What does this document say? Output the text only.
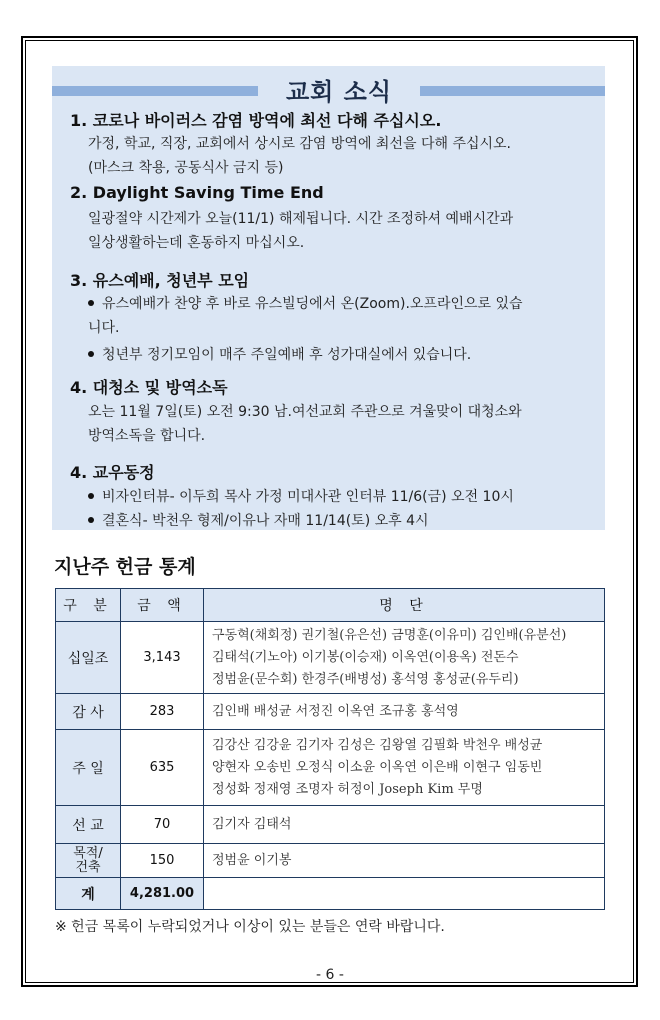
교회 소식
1. 코로나 바이러스 감염 방역에 최선 다해 주십시오.
가정, 학교, 직장, 교회에서 상시로 감염 방역에 최선을 다해 주십시오.
(마스크 착용, 공동식사 금지 등)
2. Daylight Saving Time End
일광절약 시간제가 오늘(11/1) 해제됩니다. 시간 조정하셔 예배시간과
일상생활하는데 혼동하지 마십시오.
3. 유스예배, 청년부 모임
유스예배가 찬양 후 바로 유스빌딩에서 온(Zoom).오프라인으로 있습
니다.
청년부 정기모임이 매주 주일예배 후 성가대실에서 있습니다.
4. 대청소 및 방역소독
오는 11월 7일(토) 오전 9:30 남.여선교회 주관으로 겨울맞이 대청소와
방역소독을 합니다.
4. 교우동정
비자인터뷰- 이두희 목사 가정 미대사관 인터뷰 11/6(금) 오전 10시
결혼식- 박천우 형제/이유나 자매 11/14(토) 오후 4시
지난주 헌금 통계
구 분	금 액	명 단
십일조	3,143	구동혁(채회정) 권기철(유은선) 금명훈(이유미) 김인배(유분선)
김태석(기노아) 이기봉(이승재) 이옥연(이용옥) 전돈수
정범윤(문수회) 한경주(배병성) 홍석영 홍성균(유두리)

감 사	283	김인배 배성균 서정진 이옥연 조규홍 홍석영

주 일	635	김강산 김강윤 김기자 김성은 김왕열 김필화 박천우 배성균
양현자 오송빈 오정식 이소윤 이옥연 이은배 이현구 임동빈
정성화 정재영 조명자 허정이 Joseph Kim 무명

선 교	70	김기자 김태석

목적/
건축	150	정범윤 이기봉

계	4,281.00	
※ 헌금 목록이 누락되었거나 이상이 있는 분들은 연락 바랍니다.
- 6 -
